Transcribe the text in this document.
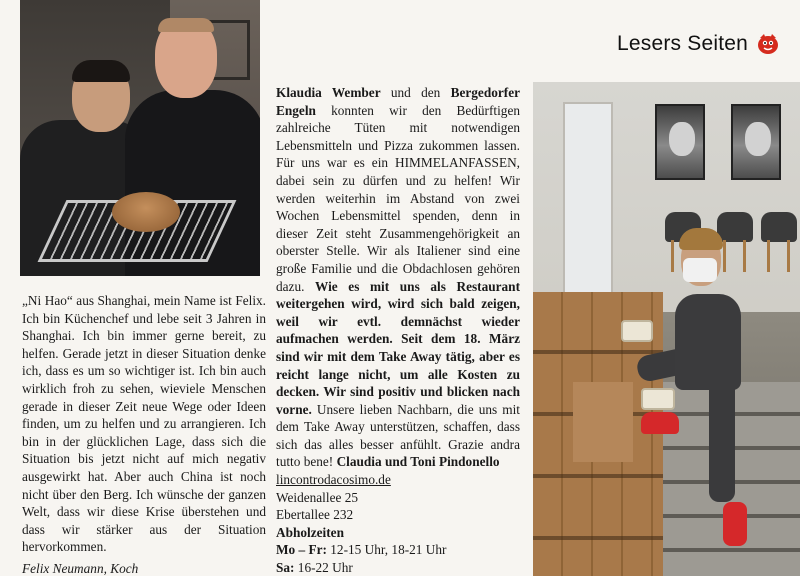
„Ni Hao“ aus Shanghai, mein Name ist Felix. Ich bin Küchenchef und lebe seit 3 Jahren in Shanghai. Ich bin immer gerne bereit, zu helfen. Gerade jetzt in dieser Situation denke ich, dass es um so wichtiger ist. Ich bin auch wirklich froh zu sehen, wieviele Menschen gerade in dieser Zeit neue Wege oder Ideen finden, um zu helfen und zu arrangieren. Ich bin in der glücklichen Lage, dass sich die Situation bis jetzt nicht auf mich negativ ausgewirkt hat. Aber auch China ist noch nicht über den Berg. Ich wünsche der ganzen Welt, dass wir diese Krise überstehen und dass wir stärker aus der Situation hervorkommen.

Felix Neumann, Koch

Lesers Seiten

Klaudia Wember und den Bergedorfer Engeln konnten wir den Bedürftigen zahlreiche Tüten mit notwendigen Lebensmitteln und Pizza zukommen lassen. Für uns war es ein HIMMELANFASSEN, dabei sein zu dürfen und zu helfen! Wir werden weiterhin im Abstand von zwei Wochen Lebensmittel spenden, denn in dieser Zeit steht Zusammengehörigkeit an oberster Stelle. Wir als Italiener sind eine große Familie und die Obdachlosen gehören dazu. Wie es mit uns als Restaurant weitergehen wird, wird sich bald zeigen, weil wir evtl. demnächst wieder aufmachen werden. Seit dem 18. März sind wir mit dem Take Away tätig, aber es reicht lange nicht, um alle Kosten zu decken. Wir sind positiv und blicken nach vorne. Unsere lieben Nachbarn, die uns mit dem Take Away unterstützen, schaffen, dass sich das alles besser anfühlt. Grazie andra tutto bene! Claudia und Toni Pindonello

lincontrodacosimo.de

Weidenallee 25

Ebertallee 232

Abholzeiten

Mo – Fr: 12-15 Uhr, 18-21 Uhr

Sa: 16-22 Uhr
